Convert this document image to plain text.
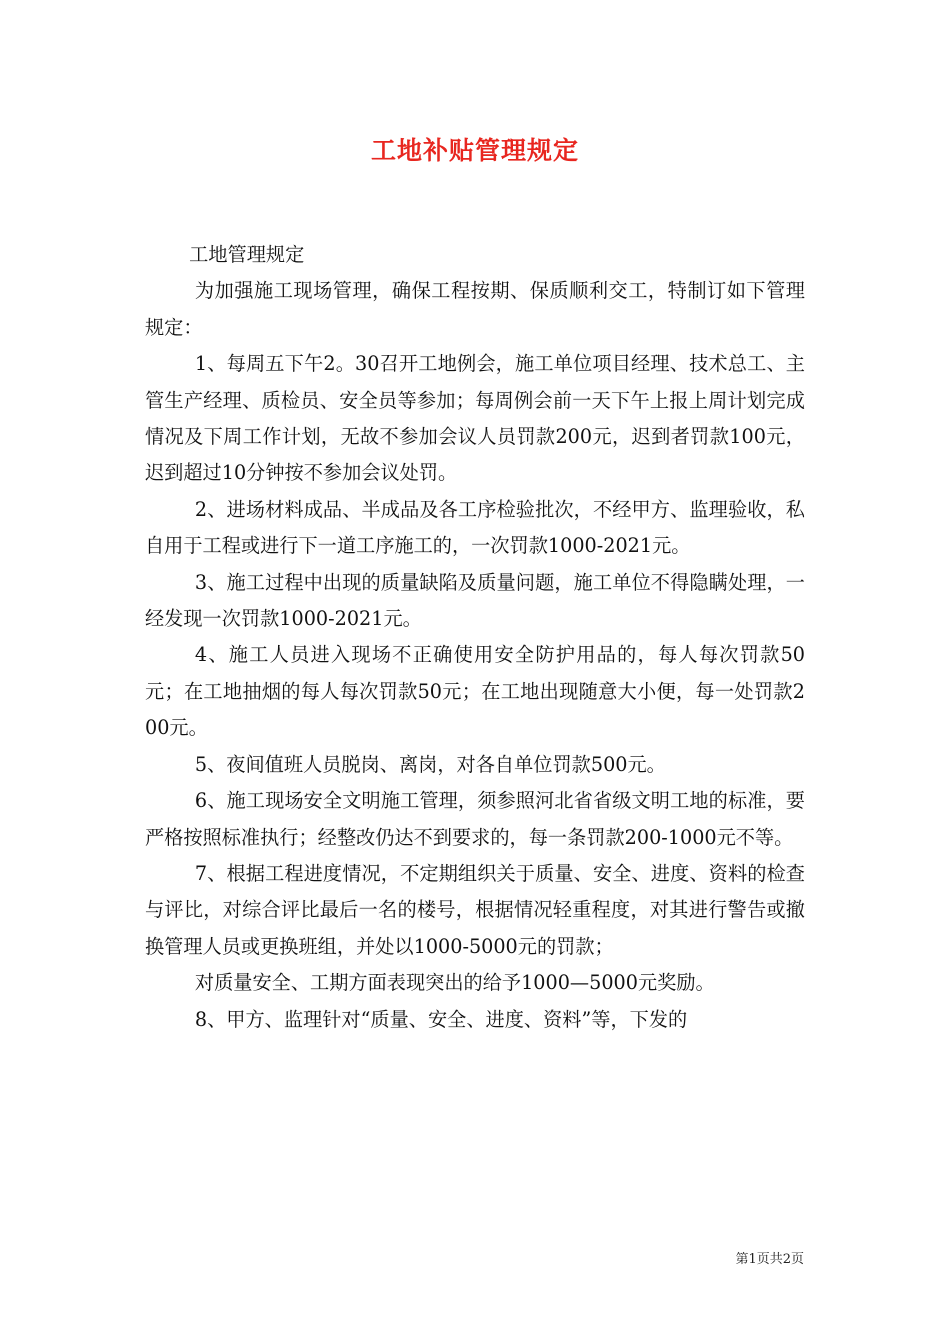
工地补贴管理规定

工地管理规定

为加强施工现场管理，确保工程按期、保质顺利交工，特制订如下管理规定：

1、每周五下午2。30召开工地例会，施工单位项目经理、技术总工、主管生产经理、质检员、安全员等参加；每周例会前一天下午上报上周计划完成情况及下周工作计划，无故不参加会议人员罚款200元，迟到者罚款100元，迟到超过10分钟按不参加会议处罚。

2、进场材料成品、半成品及各工序检验批次，不经甲方、监理验收，私自用于工程或进行下一道工序施工的，一次罚款1000-2021元。

3、施工过程中出现的质量缺陷及质量问题，施工单位不得隐瞒处理，一经发现一次罚款1000-2021元。

4、施工人员进入现场不正确使用安全防护用品的，每人每次罚款50元；在工地抽烟的每人每次罚款50元；在工地出现随意大小便，每一处罚款200元。

5、夜间值班人员脱岗、离岗，对各自单位罚款500元。

6、施工现场安全文明施工管理，须参照河北省省级文明工地的标准，要严格按照标准执行；经整改仍达不到要求的，每一条罚款200-1000元不等。

7、根据工程进度情况，不定期组织关于质量、安全、进度、资料的检查与评比，对综合评比最后一名的楼号，根据情况轻重程度，对其进行警告或撤换管理人员或更换班组，并处以1000-5000元的罚款；

对质量安全、工期方面表现突出的给予1000—5000元奖励。

8、甲方、监理针对“质量、安全、进度、资料”等，下发的

第1页共2页
